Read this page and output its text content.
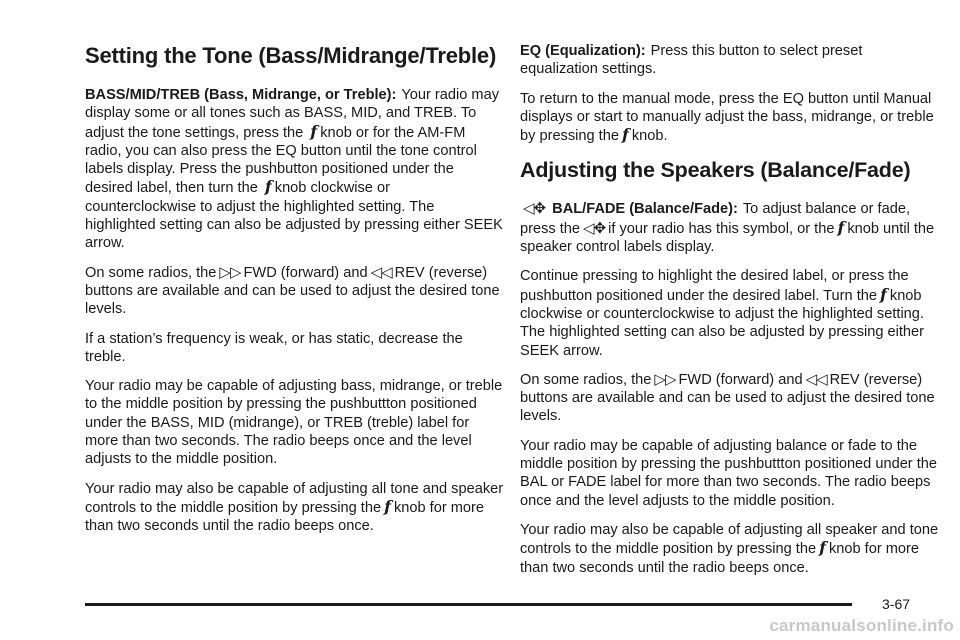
Setting the Tone (Bass/Midrange/Treble)

BASS/MID/TREB (Bass, Midrange, or Treble): Your radio may display some or all tones such as BASS, MID, and TREB. To adjust the tone settings, press the f knob or for the AM-FM radio, you can also press the EQ button until the tone control labels display. Press the pushbutton positioned under the desired label, then turn the f knob clockwise or counterclockwise to adjust the highlighted setting. The highlighted setting can also be adjusted by pressing either SEEK arrow.

On some radios, the ▷▷ FWD (forward) and ◁◁ REV (reverse) buttons are available and can be used to adjust the desired tone levels.

If a station’s frequency is weak, or has static, decrease the treble.

Your radio may be capable of adjusting bass, midrange, or treble to the middle position by pressing the pushbuttton positioned under the BASS, MID (midrange), or TREB (treble) label for more than two seconds. The radio beeps once and the level adjusts to the middle position.

Your radio may also be capable of adjusting all tone and speaker controls to the middle position by pressing the f knob for more than two seconds until the radio beeps once.

EQ (Equalization): Press this button to select preset equalization settings.

To return to the manual mode, press the EQ button until Manual displays or start to manually adjust the bass, midrange, or treble by pressing the f knob.

Adjusting the Speakers (Balance/Fade)

◁✥ BAL/FADE (Balance/Fade): To adjust balance or fade, press the ◁✥ if your radio has this symbol, or the f knob until the speaker control labels display.

Continue pressing to highlight the desired label, or press the pushbutton positioned under the desired label. Turn the f knob clockwise or counterclockwise to adjust the highlighted setting. The highlighted setting can also be adjusted by pressing either SEEK arrow.

On some radios, the ▷▷ FWD (forward) and ◁◁ REV (reverse) buttons are available and can be used to adjust the desired tone levels.

Your radio may be capable of adjusting balance or fade to the middle position by pressing the pushbuttton positioned under the BAL or FADE label for more than two seconds. The radio beeps once and the level adjusts to the middle position.

Your radio may also be capable of adjusting all speaker and tone controls to the middle position by pressing the f knob for more than two seconds until the radio beeps once.

3-67
carmanualsonline.info
